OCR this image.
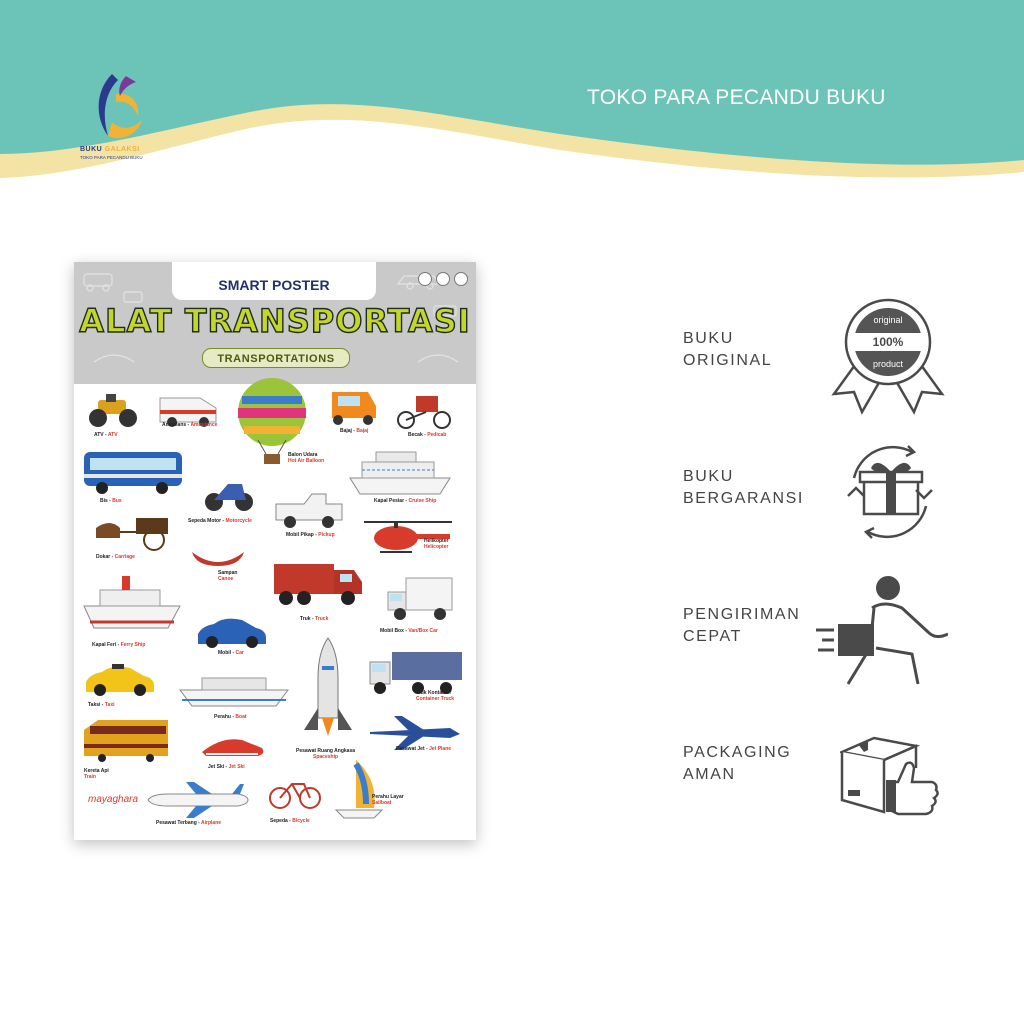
BUKU GALAKSI
TOKO PARA PECANDU BUKU
TOKO PARA PECANDU BUKU
SMART POSTER
ALAT TRANSPORTASI
TRANSPORTATIONS
ATV - ATV
Ambulans - Ambulance
Balon Udara
Hot Air Balloon
Bajaj - Bajaj
Becak - Pedicab
Bis - Bus
Sepeda Motor - Motorcycle
Kapal Pesiar - Cruise Ship
Mobil Pikap - Pickup
Dokar - Carriage
Helikopter
Helicopter
Sampan
Canoe
Truk - Truck
Kapal Feri - Ferry Ship
Mobil Box - Van/Box Car
Mobil - Car
Pesawat Ruang Angkasa
Spaceship
Truk Kontainer
Container Truck
Taksi - Taxi
Perahu - Boat
Kereta Api
Train
Jet Ski - Jet Ski
Pesawat Jet - Jet Plane
Pesawat Terbang - Airplane	Sepeda - Bicycle
Perahu Layar
Sailboat
mayaghara
BUKU
ORIGINAL
100%
original
product
BUKU
BERGARANSI
PENGIRIMAN
CEPAT
PACKAGING
AMAN
